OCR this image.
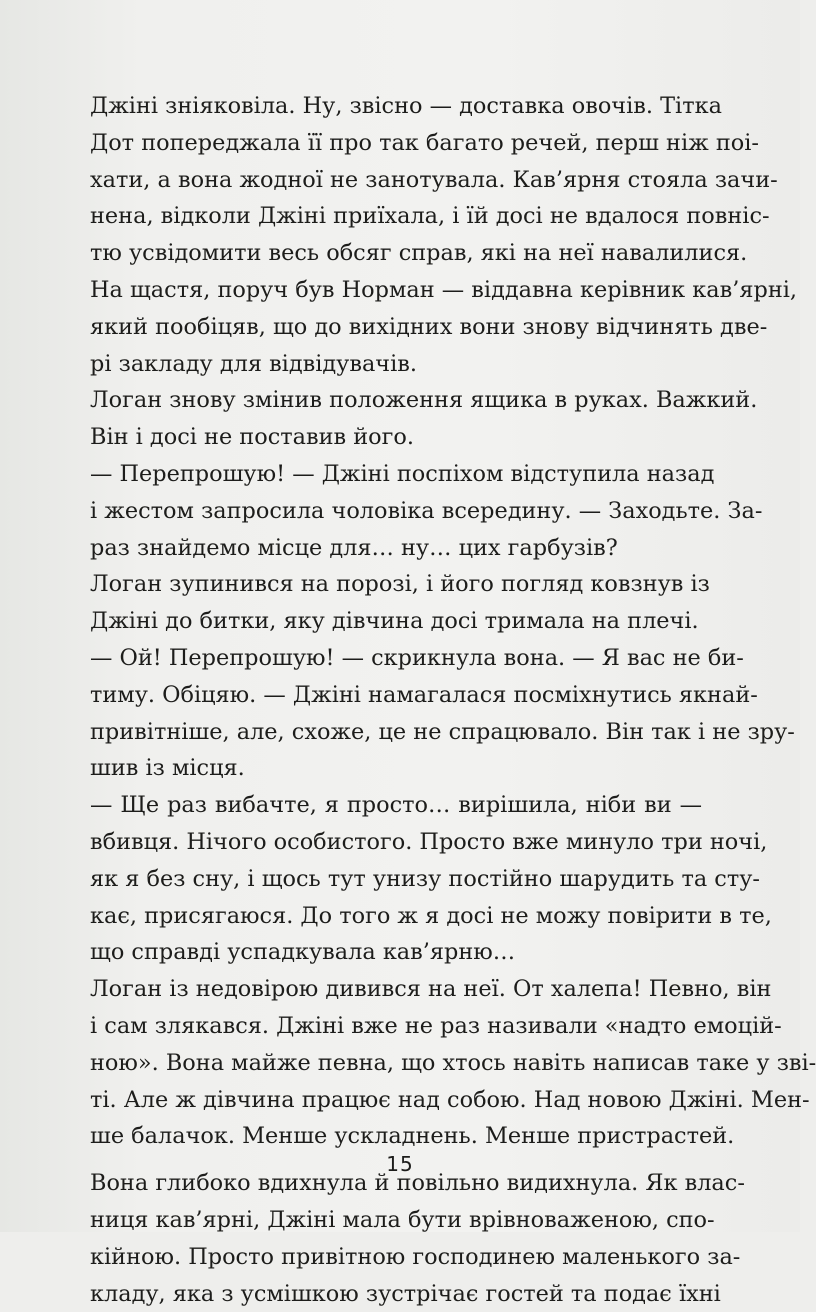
Джіні зніяковіла. Ну, звісно — доставка овочів. Тітка
Дот попереджала її про так багато речей, перш ніж поі-
хати, а вона жодної не занотувала. Кав’ярня стояла зачи-
нена, відколи Джіні приїхала, і їй досі не вдалося повніс-
тю усвідомити весь обсяг справ, які на неї навалилися.
На щастя, поруч був Норман — віддавна керівник кав’ярні,
який пообіцяв, що до вихідних вони знову відчинять две-
рі закладу для відвідувачів.
Логан знову змінив положення ящика в руках. Важкий.
Він і досі не поставив його.
— Перепрошую! — Джіні поспіхом відступила назад
і жестом запросила чоловіка всередину. — Заходьте. За-
раз знайдемо місце для… ну… цих гарбузів?
Логан зупинився на порозі, і його погляд ковзнув із
Джіні до битки, яку дівчина досі тримала на плечі.
— Ой! Перепрошую! — скрикнула вона. — Я вас не би-
тиму. Обіцяю. — Джіні намагалася посміхнутись якнай-
привітніше, але, схоже, це не спрацювало. Він так і не зру-
шив із місця.
— Ще раз вибачте, я просто… вирішила, ніби ви —
вбивця. Нічого особистого. Просто вже минуло три ночі,
як я без сну, і щось тут унизу постійно шарудить та сту-
кає, присягаюся. До того ж я досі не можу повірити в те,
що справді успадкувала кав’ярню…
Логан із недовірою дивився на неї. От халепа! Певно, він
і сам злякався. Джіні вже не раз називали «надто емоцій-
ною». Вона майже певна, що хтось навіть написав таке у зві-
ті. Але ж дівчина працює над собою. Над новою Джіні. Мен-
ше балачок. Менше ускладнень. Менше пристрастей.
Вона глибоко вдихнула й повільно видихнула. Як влас-
ниця кав’ярні, Джіні мала бути врівноваженою, спо-
кійною. Просто привітною господинею маленького за-
кладу, яка з усмішкою зустрічає гостей та подає їхні
15
